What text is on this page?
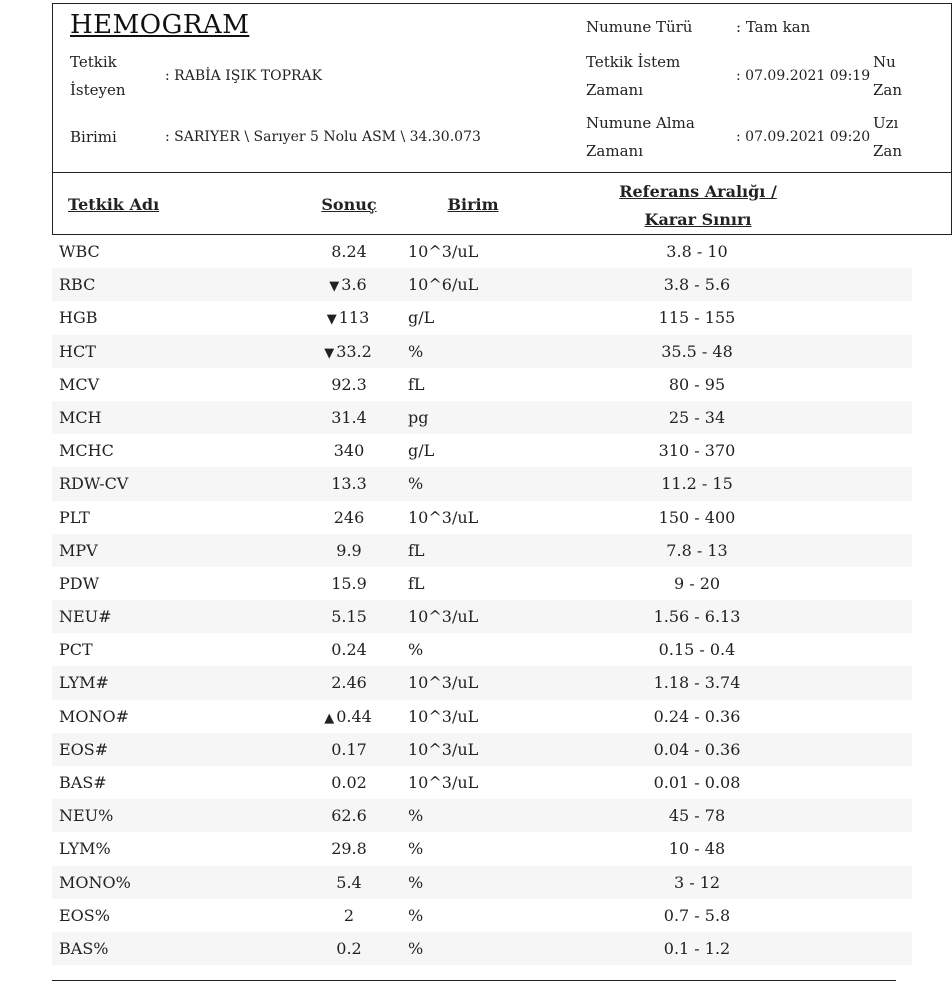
HEMOGRAM
Tetkik
İsteyen
: RABİA IŞIK TOPRAK
Birimi	: SARIYER \ Sarıyer 5 Nolu ASM \ 34.30.073
Numune Türü	: Tam kan
Tetkik İstem
Zamanı
: 07.09.2021 09:19
Nu
Zan
Numune Alma
Zamanı
: 07.09.2021 09:20
Uzı
Zan
Tetkik Adı	Sonuç	Birim
Referans Aralığı /
Karar Sınırı
WBC	8.24	10^3/uL	3.8 - 10
RBC	▼ 3.6	10^6/uL	3.8 - 5.6
HGB	▼ 113	g/L	115 - 155
HCT	▼ 33.2	%	35.5 - 48
MCV	92.3	fL	80 - 95
MCH	31.4	pg	25 - 34
MCHC	340	g/L	310 - 370
RDW-CV	13.3	%	11.2 - 15
PLT	246	10^3/uL	150 - 400
MPV	9.9	fL	7.8 - 13
PDW	15.9	fL	9 - 20
NEU#	5.15	10^3/uL	1.56 - 6.13
PCT	0.24	%	0.15 - 0.4
LYM#	2.46	10^3/uL	1.18 - 3.74
MONO#	▲ 0.44	10^3/uL	0.24 - 0.36
EOS#	0.17	10^3/uL	0.04 - 0.36
BAS#	0.02	10^3/uL	0.01 - 0.08
NEU%	62.6	%	45 - 78
LYM%	29.8	%	10 - 48
MONO%	5.4	%	3 - 12
EOS%	2	%	0.7 - 5.8
BAS%	0.2	%	0.1 - 1.2
